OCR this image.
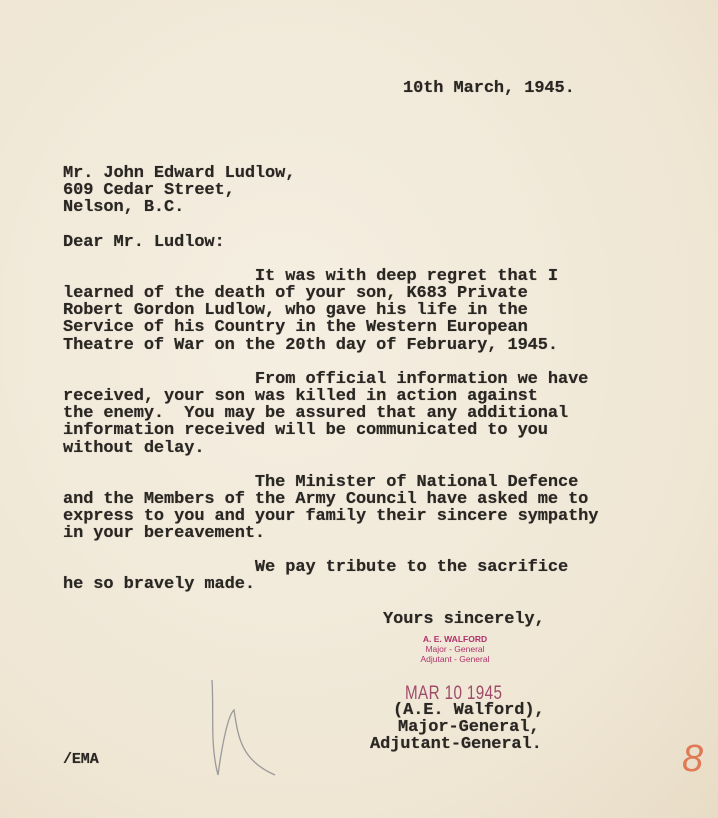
10th March, 1945.
Mr. John Edward Ludlow,
609 Cedar Street,
Nelson, B.C.
Dear Mr. Ludlow:
It was with deep regret that I
learned of the death of your son, K683 Private
Robert Gordon Ludlow, who gave his life in the
Service of his Country in the Western European
Theatre of War on the 20th day of February, 1945.
From official information we have
received, your son was killed in action against
the enemy.  You may be assured that any additional
information received will be communicated to you
without delay.
The Minister of National Defence
and the Members of the Army Council have asked me to
express to you and your family their sincere sympathy
in your bereavement.
We pay tribute to the sacrifice
he so bravely made.
Yours sincerely,
A. E. WALFORD
Major - General
Adjutant - General
MAR 10 1945
(A.E. Walford),
Major-General,
Adjutant-General.
/EMA	8
